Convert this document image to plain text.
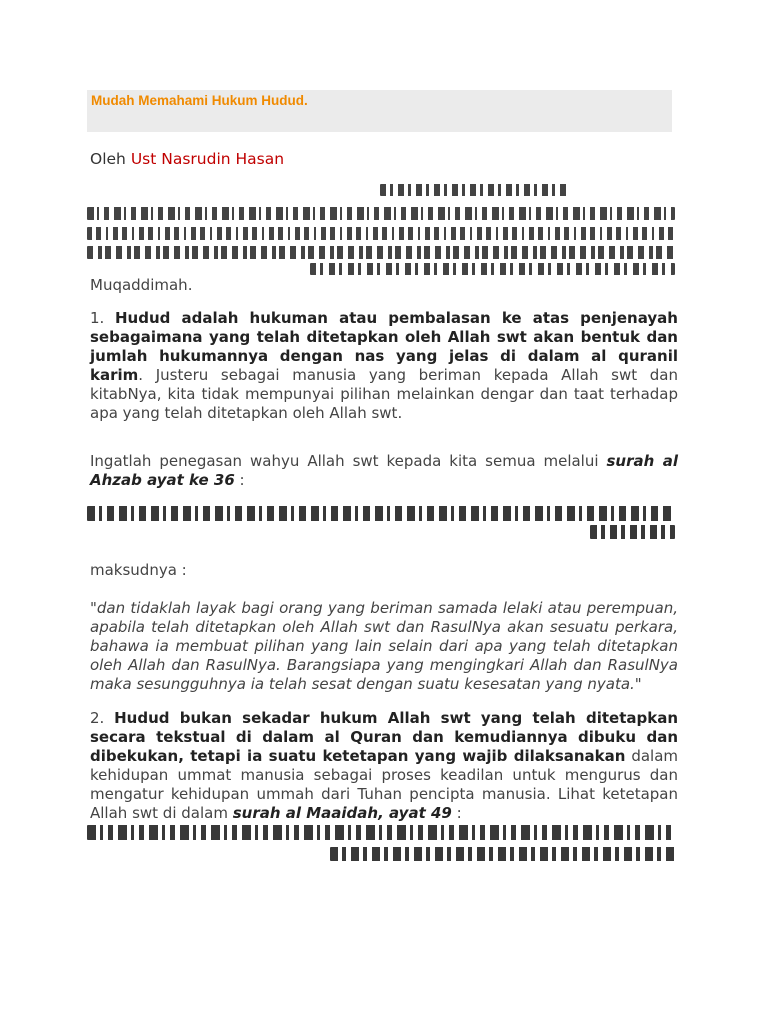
Mudah Memahami Hukum Hudud.
Oleh Ust Nasrudin Hasan
Muqaddimah.
1. Hudud adalah hukuman atau pembalasan ke atas penjenayah sebagaimana yang telah ditetapkan oleh Allah swt akan bentuk dan jumlah hukumannya dengan nas yang jelas di dalam al quranil karim. Justeru sebagai manusia yang beriman kepada Allah swt dan kitabNya, kita tidak mempunyai pilihan melainkan dengar dan taat terhadap apa yang telah ditetapkan oleh Allah swt.
Ingatlah penegasan wahyu Allah swt kepada kita semua melalui surah al Ahzab ayat ke 36 :
maksudnya :
"dan tidaklah layak bagi orang yang beriman samada lelaki atau perempuan, apabila telah ditetapkan oleh Allah swt dan RasulNya akan sesuatu perkara, bahawa ia membuat pilihan yang lain selain dari apa yang telah ditetapkan oleh Allah dan RasulNya. Barangsiapa yang mengingkari Allah dan RasulNya maka sesungguhnya ia telah sesat dengan suatu kesesatan yang nyata."
2. Hudud bukan sekadar hukum Allah swt yang telah ditetapkan secara tekstual di dalam al Quran dan kemudiannya dibuku dan dibekukan, tetapi ia suatu ketetapan yang wajib dilaksanakan dalam kehidupan ummat manusia sebagai proses keadilan untuk mengurus dan mengatur kehidupan ummah dari Tuhan pencipta manusia. Lihat ketetapan Allah swt di dalam surah al Maaidah, ayat 49 :
